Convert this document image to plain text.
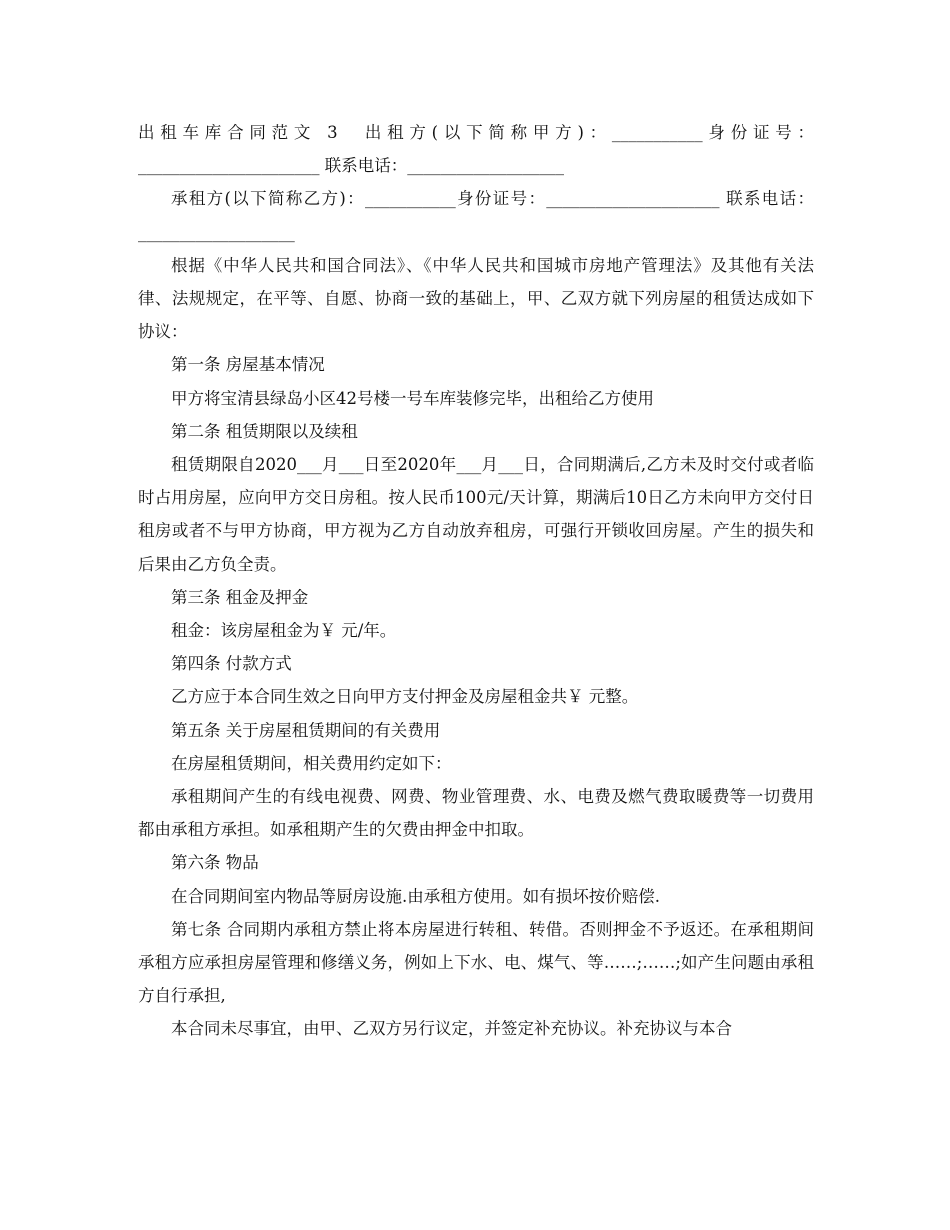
出租车库合同范文 3 出租方(以下简称甲方)：___________身份证号：______________________ 联系电话：___________________

承租方(以下简称乙方)：___________身份证号：_____________________ 联系电话：___________________

根据《中华人民共和国合同法》、《中华人民共和国城市房地产管理法》及其他有关法律、法规规定，在平等、自愿、协商一致的基础上，甲、乙双方就下列房屋的租赁达成如下协议：

第一条 房屋基本情况

甲方将宝清县绿岛小区42号楼一号车库装修完毕，出租给乙方使用

第二条 租赁期限以及续租

租赁期限自2020___月___日至2020年___月___日，合同期满后,乙方未及时交付或者临时占用房屋，应向甲方交日房租。按人民币100元/天计算，期满后10日乙方未向甲方交付日租房或者不与甲方协商，甲方视为乙方自动放弃租房，可强行开锁收回房屋。产生的损失和后果由乙方负全责。

第三条 租金及押金

租金：该房屋租金为￥ 元/年。

第四条 付款方式

乙方应于本合同生效之日向甲方支付押金及房屋租金共￥ 元整。

第五条 关于房屋租赁期间的有关费用

在房屋租赁期间，相关费用约定如下：

承租期间产生的有线电视费、网费、物业管理费、水、电费及燃气费取暖费等一切费用都由承租方承担。如承租期产生的欠费由押金中扣取。

第六条 物品

在合同期间室内物品等厨房设施.由承租方使用。如有损坏按价赔偿.

第七条 合同期内承租方禁止将本房屋进行转租、转借。否则押金不予返还。在承租期间承租方应承担房屋管理和修缮义务，例如上下水、电、煤气、等……;……;如产生问题由承租方自行承担,

本合同未尽事宜，由甲、乙双方另行议定，并签定补充协议。补充协议与本合
